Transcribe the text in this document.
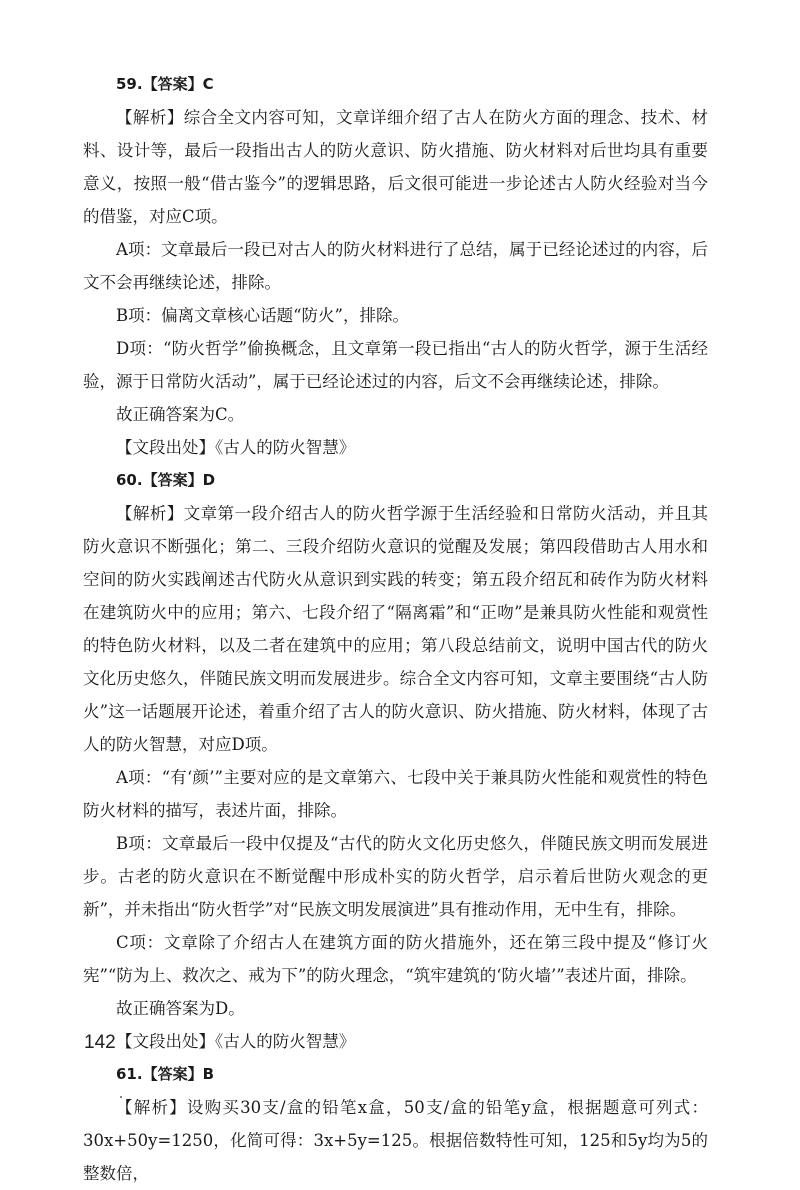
59.【答案】C

【解析】综合全文内容可知，文章详细介绍了古人在防火方面的理念、技术、材料、设计等，最后一段指出古人的防火意识、防火措施、防火材料对后世均具有重要意义，按照一般“借古鉴今”的逻辑思路，后文很可能进一步论述古人防火经验对当今的借鉴，对应C项。

A项：文章最后一段已对古人的防火材料进行了总结，属于已经论述过的内容，后文不会再继续论述，排除。

B项：偏离文章核心话题“防火”，排除。

D项：“防火哲学”偷换概念，且文章第一段已指出“古人的防火哲学，源于生活经验，源于日常防火活动”，属于已经论述过的内容，后文不会再继续论述，排除。

故正确答案为C。

【文段出处】《古人的防火智慧》

60.【答案】D

【解析】文章第一段介绍古人的防火哲学源于生活经验和日常防火活动，并且其防火意识不断强化；第二、三段介绍防火意识的觉醒及发展；第四段借助古人用水和空间的防火实践阐述古代防火从意识到实践的转变；第五段介绍瓦和砖作为防火材料在建筑防火中的应用；第六、七段介绍了“隔离霜”和“正吻”是兼具防火性能和观赏性的特色防火材料，以及二者在建筑中的应用；第八段总结前文，说明中国古代的防火文化历史悠久，伴随民族文明而发展进步。综合全文内容可知，文章主要围绕“古人防火”这一话题展开论述，着重介绍了古人的防火意识、防火措施、防火材料，体现了古人的防火智慧，对应D项。

A项：“有‘颜’”主要对应的是文章第六、七段中关于兼具防火性能和观赏性的特色防火材料的描写，表述片面，排除。

B项：文章最后一段中仅提及“古代的防火文化历史悠久，伴随民族文明而发展进步。古老的防火意识在不断觉醒中形成朴实的防火哲学，启示着后世防火观念的更新”，并未指出“防火哲学”对“民族文明发展演进”具有推动作用，无中生有，排除。

C项：文章除了介绍古人在建筑方面的防火措施外，还在第三段中提及“修订火宪”“防为上、救次之、戒为下”的防火理念，“筑牢建筑的‘防火墙’”表述片面，排除。

故正确答案为D。

【文段出处】《古人的防火智慧》

61.【答案】B

【解析】设购买30支/盒的铅笔x盒，50支/盒的铅笔y盒，根据题意可列式：30x+50y=1250，化简可得：3x+5y=125。根据倍数特性可知，125和5y均为5的整数倍，

142
